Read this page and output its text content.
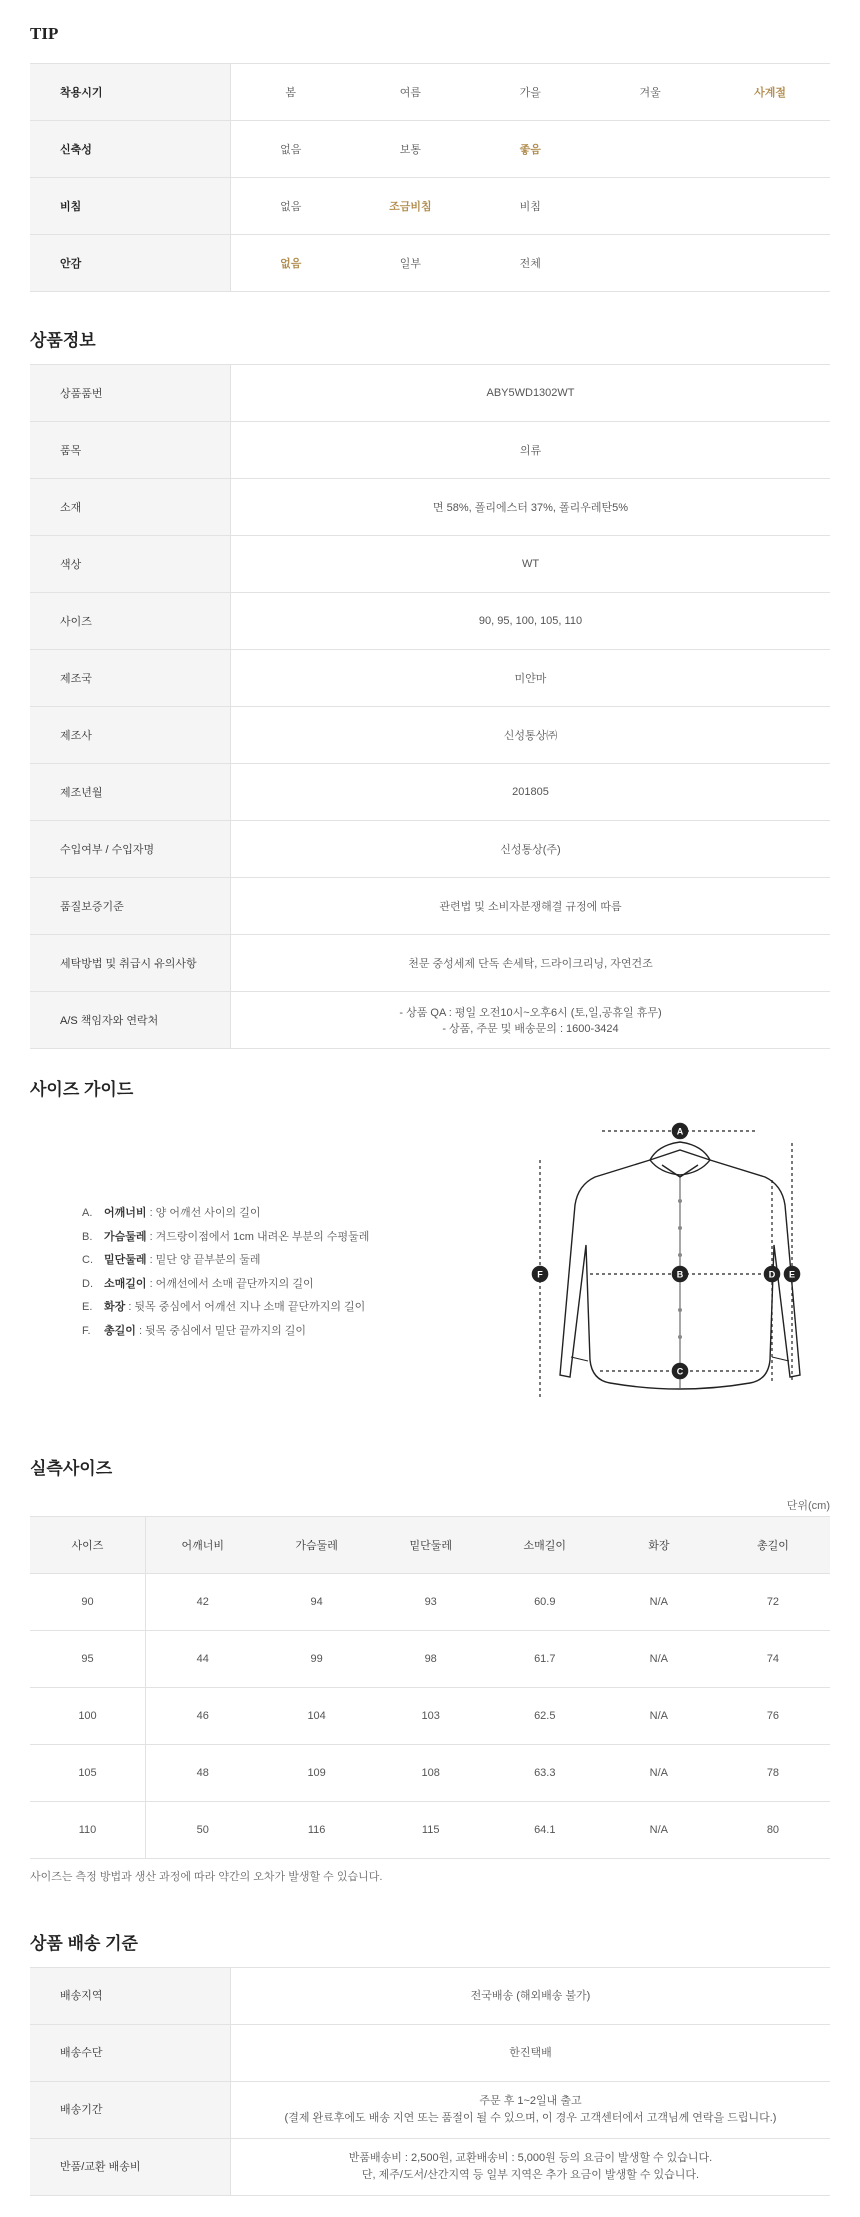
TIP
착용시기	봄	여름	가을	겨울	사계절
신축성	없음	보통	좋음		
비침	없음	조금비침	비침		
안감	없음	일부	전체		
상품정보
상품품번	ABY5WD1302WT

품목	의류

소재	면 58%, 폴리에스터 37%, 폴리우레탄5%

색상	WT

사이즈	90, 95, 100, 105, 110

제조국	미얀마

제조사	신성통상㈜

제조년월	201805

수입여부 / 수입자명	신성통상(주)

품질보증기준	관련법 및 소비자분쟁해결 규정에 따름

세탁방법 및 취급시 유의사항	천문 중성세제 단독 손세탁, 드라이크리닝, 자연건조

A/S 책임자와 연락처	- 상품 QA : 평일 오전10시~오후6시 (토,일,공휴일 휴무)
- 상품, 주문 및 배송문의 : 1600-3424
사이즈 가이드
A. 어깨너비 : 양 어깨선 사이의 길이
B. 가슴둘레 : 겨드랑이점에서 1cm 내려온 부분의 수평둘레
C. 밑단둘레 : 밑단 양 끝부분의 둘레
D. 소매길이 : 어깨선에서 소매 끝단까지의 길이
E. 화장 : 뒷목 중심에서 어깨선 지나 소매 끝단까지의 길이
F. 총길이 : 뒷목 중심에서 밑단 끝까지의 길이
A
B
C
D E
F
실측사이즈
단위(cm)
사이즈	어깨너비	가슴둘레	밑단둘레	소매길이	화장	총길이
90	42	94	93	60.9	N/A	72
95	44	99	98	61.7	N/A	74
100	46	104	103	62.5	N/A	76
105	48	109	108	63.3	N/A	78
110	50	116	115	64.1	N/A	80
사이즈는 측정 방법과 생산 과정에 따라 약간의 오차가 발생할 수 있습니다.
상품 배송 기준
배송지역	전국배송 (해외배송 불가)

배송수단	한진택배

배송기간	주문 후 1~2일내 출고
(결제 완료후에도 배송 지연 또는 품절이 될 수 있으며, 이 경우 고객센터에서 고객님께 연락을 드립니다.)

반품/교환 배송비	반품배송비 : 2,500원, 교환배송비 : 5,000원 등의 요금이 발생할 수 있습니다.
단, 제주/도서/산간지역 등 일부 지역은 추가 요금이 발생할 수 있습니다.
